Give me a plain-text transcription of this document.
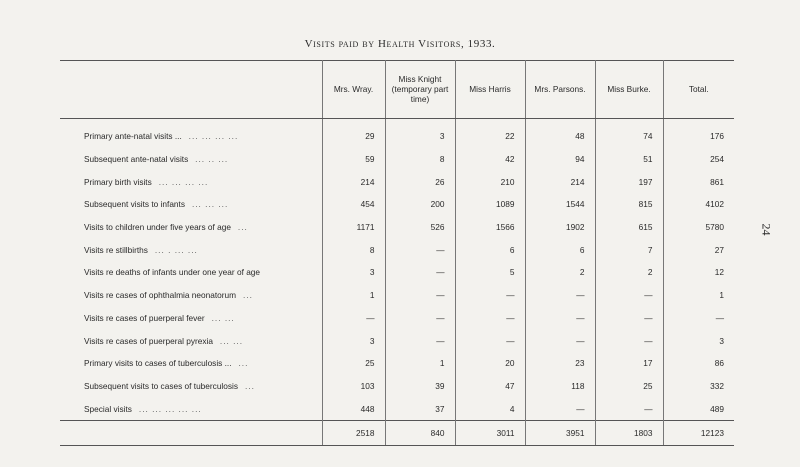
Visits paid by Health Visitors, 1933.
	Mrs. Wray.	Miss Knight (temporary part time)	Miss Harris	Mrs. Parsons.	Miss Burke.	Total.
Primary ante-natal visits ... ... ... ... ...	29	3	22	48	74	176
Subsequent ante-natal visits ... .. ...	59	8	42	94	51	254
Primary birth visits ... ... ... ...	214	26	210	214	197	861
Subsequent visits to infants ... ... ...	454	200	1089	1544	815	4102
Visits to children under five years of age ...	1171	526	1566	1902	615	5780
Visits re stillbirths ... . ... ...	8	—	6	6	7	27
Visits re deaths of infants under one year of age	3	—	5	2	2	12
Visits re cases of ophthalmia neonatorum ...	1	—	—	—	—	1
Visits re cases of puerperal fever ... ...	—	—	—	—	—	—
Visits re cases of puerperal pyrexia ... ...	3	—	—	—	—	3
Primary visits to cases of tuberculosis ... ...	25	1	20	23	17	86
Subsequent visits to cases of tuberculosis ...	103	39	47	118	25	332
Special visits ... ... ... ... ...	448	37	4	—	—	489
	2518	840	3011	3951	1803	12123
24
